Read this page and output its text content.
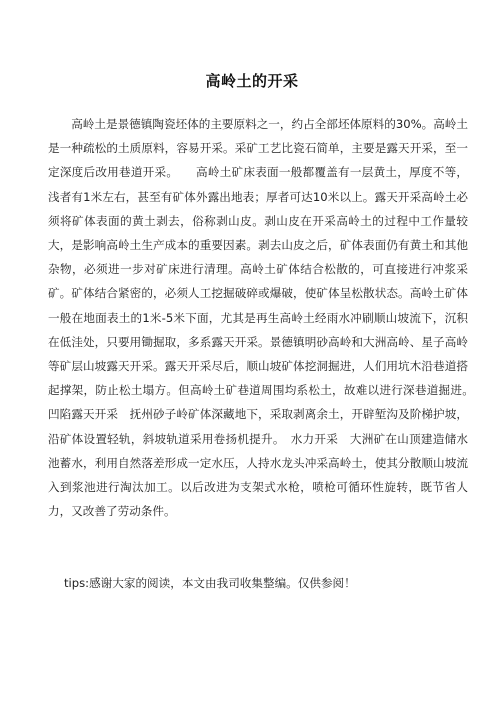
高岭土的开采

高岭土是景德镇陶瓷坯体的主要原料之一，约占全部坯体原料的30%。高岭土是一种疏松的土质原料，容易开采。采矿工艺比瓷石简单，主要是露天开采，至一定深度后改用巷道开采。　　高岭土矿床表面一般都覆盖有一层黄土，厚度不等，浅者有1米左右，甚至有矿体外露出地表；厚者可达10米以上。露天开采高岭土必须将矿体表面的黄土剥去，俗称剥山皮。剥山皮在开采高岭土的过程中工作量较大，是影响高岭土生产成本的重要因素。剥去山皮之后，矿体表面仍有黄土和其他杂物，必须进一步对矿床进行清理。高岭土矿体结合松散的，可直接进行冲浆采矿。矿体结合紧密的，必须人工挖掘破碎或爆破，使矿体呈松散状态。高岭土矿体一般在地面表土的1米-5米下面，尤其是再生高岭土经雨水冲刷顺山坡流下，沉积在低洼处，只要用锄掘取，多系露天开采。景德镇明砂高岭和大洲高岭、星子高岭等矿层山坡露天开采。露天开采尽后，顺山坡矿体挖洞掘进，人们用坑木沿巷道搭起撑架，防止松土塌方。但高岭土矿巷道周围均系松土，故难以进行深巷道掘进。　凹陷露天开采　抚州砂子岭矿体深藏地下，采取剥离余土，开辟堑沟及阶梯护坡，沿矿体设置轻轨，斜坡轨道采用卷扬机提升。　水力开采　大洲矿在山顶建造储水池蓄水，利用自然落差形成一定水压，人持水龙头冲采高岭土，使其分散顺山坡流入到浆池进行淘汰加工。以后改进为支架式水枪，喷枪可循环性旋转，既节省人力，又改善了劳动条件。

tips:感谢大家的阅读，本文由我司收集整编。仅供参阅！
